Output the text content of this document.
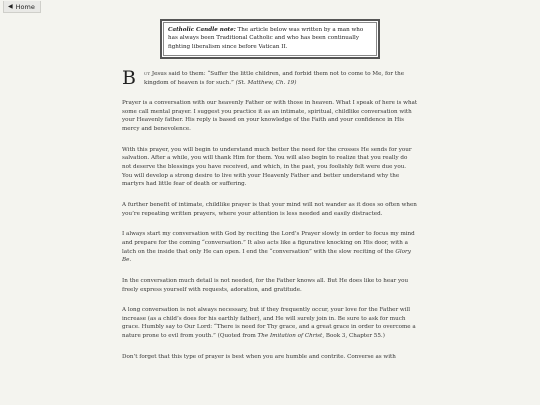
◀ Home
Catholic Candle note: The article below was written by a man who has always been Traditional Catholic and who has been continually fighting liberalism since before Vatican II.
B ut Jesus said to them: “Suffer the little children, and forbid them not to come to Me, for the kingdom of heaven is for such.” (St. Matthew, Ch. 19)

Prayer is a conversation with our heavenly Father or with those in heaven. What I speak of here is what some call mental prayer. I suggest you practice it as an intimate, spiritual, childlike conversation with your Heavenly father. His reply is based on your knowledge of the Faith and your confidence in His mercy and benevolence.

With this prayer, you will begin to understand much better the need for the crosses He sends for your salvation. After a while, you will thank Him for them. You will also begin to realize that you really do not deserve the blessings you have received, and which, in the past, you foolishly felt were due you. You will develop a strong desire to live with your Heavenly Father and better understand why the martyrs had little fear of death or suffering.

A further benefit of intimate, childlike prayer is that your mind will not wander as it does so often when you’re repeating written prayers, where your attention is less needed and easily distracted.

I always start my conversation with God by reciting the Lord’s Prayer slowly in order to focus my mind and prepare for the coming “conversation.” It also acts like a figurative knocking on His door, with a latch on the inside that only He can open. I end the “conversation” with the slow reciting of the Glory Be.

In the conversation much detail is not needed, for the Father knows all. But He does like to hear you freely express yourself with requests, adoration, and gratitude.

A long conversation is not always necessary, but if they frequently occur, your love for the Father will increase (as a child’s does for his earthly father), and He will surely join in. Be sure to ask for much grace. Humbly say to Our Lord: “There is need for Thy grace, and a great grace in order to overcome a nature prone to evil from youth.” (Quoted from The Imitation of Christ, Book 3, Chapter 55.)

Don’t forget that this type of prayer is best when you are humble and contrite. Converse as with
